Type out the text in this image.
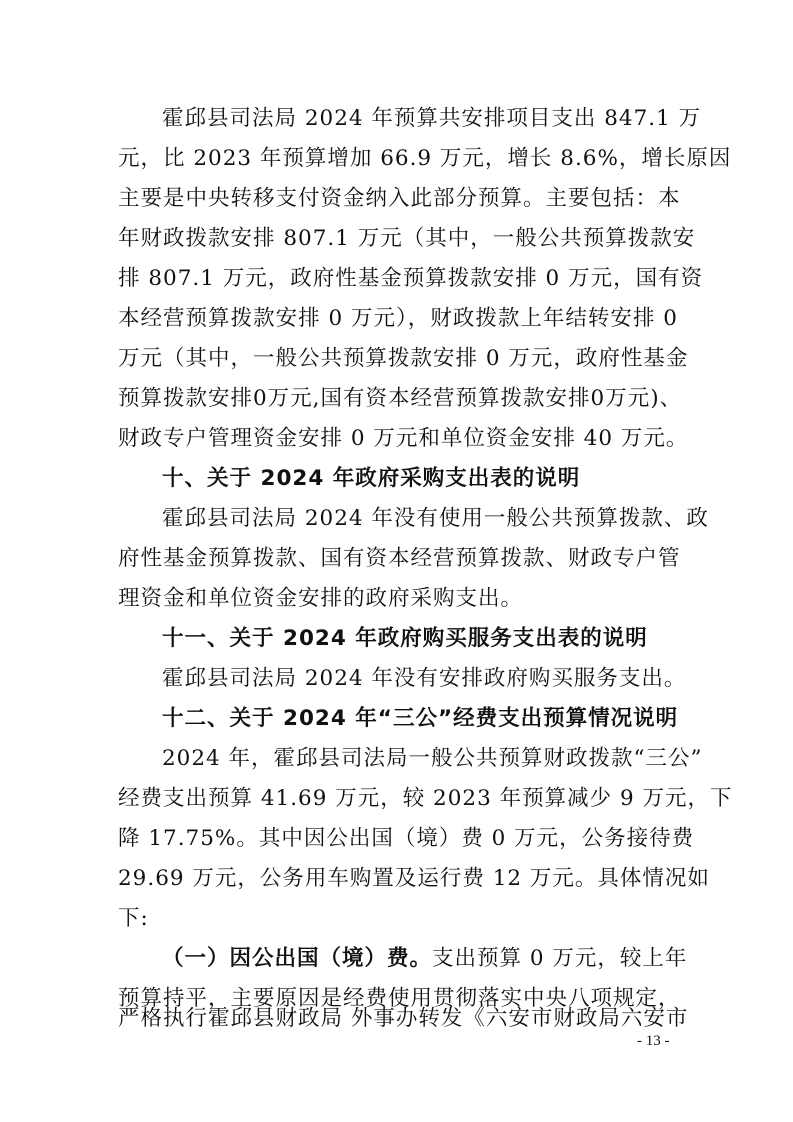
霍邱县司法局 2024 年预算共安排项目支出 847.1 万
元，比 2023 年预算增加 66.9 万元，增长 8.6%，增长原因
主要是中央转移支付资金纳入此部分预算。主要包括：本
年财政拨款安排 807.1 万元（其中，一般公共预算拨款安
排 807.1 万元，政府性基金预算拨款安排 0 万元，国有资
本经营预算拨款安排 0 万元），财政拨款上年结转安排 0
万元（其中，一般公共预算拨款安排 0 万元，政府性基金
预算拨款安排0万元,国有资本经营预算拨款安排0万元)、
财政专户管理资金安排 0 万元和单位资金安排 40 万元。
十、关于 2024 年政府采购支出表的说明
霍邱县司法局 2024 年没有使用一般公共预算拨款、政
府性基金预算拨款、国有资本经营预算拨款、财政专户管
理资金和单位资金安排的政府采购支出。
十一、关于 2024 年政府购买服务支出表的说明
霍邱县司法局 2024 年没有安排政府购买服务支出。
十二、关于 2024 年“三公”经费支出预算情况说明
2024 年，霍邱县司法局一般公共预算财政拨款“三公”
经费支出预算 41.69 万元，较 2023 年预算减少 9 万元，下
降 17.75%。其中因公出国（境）费 0 万元，公务接待费
29.69 万元，公务用车购置及运行费 12 万元。具体情况如
下:
（一）因公出国（境）费。支出预算 0 万元，较上年
预算持平，主要原因是经费使用贯彻落实中央八项规定，
严格执行霍邱县财政局 外事办转发《六安市财政局六安市
- 13 -
